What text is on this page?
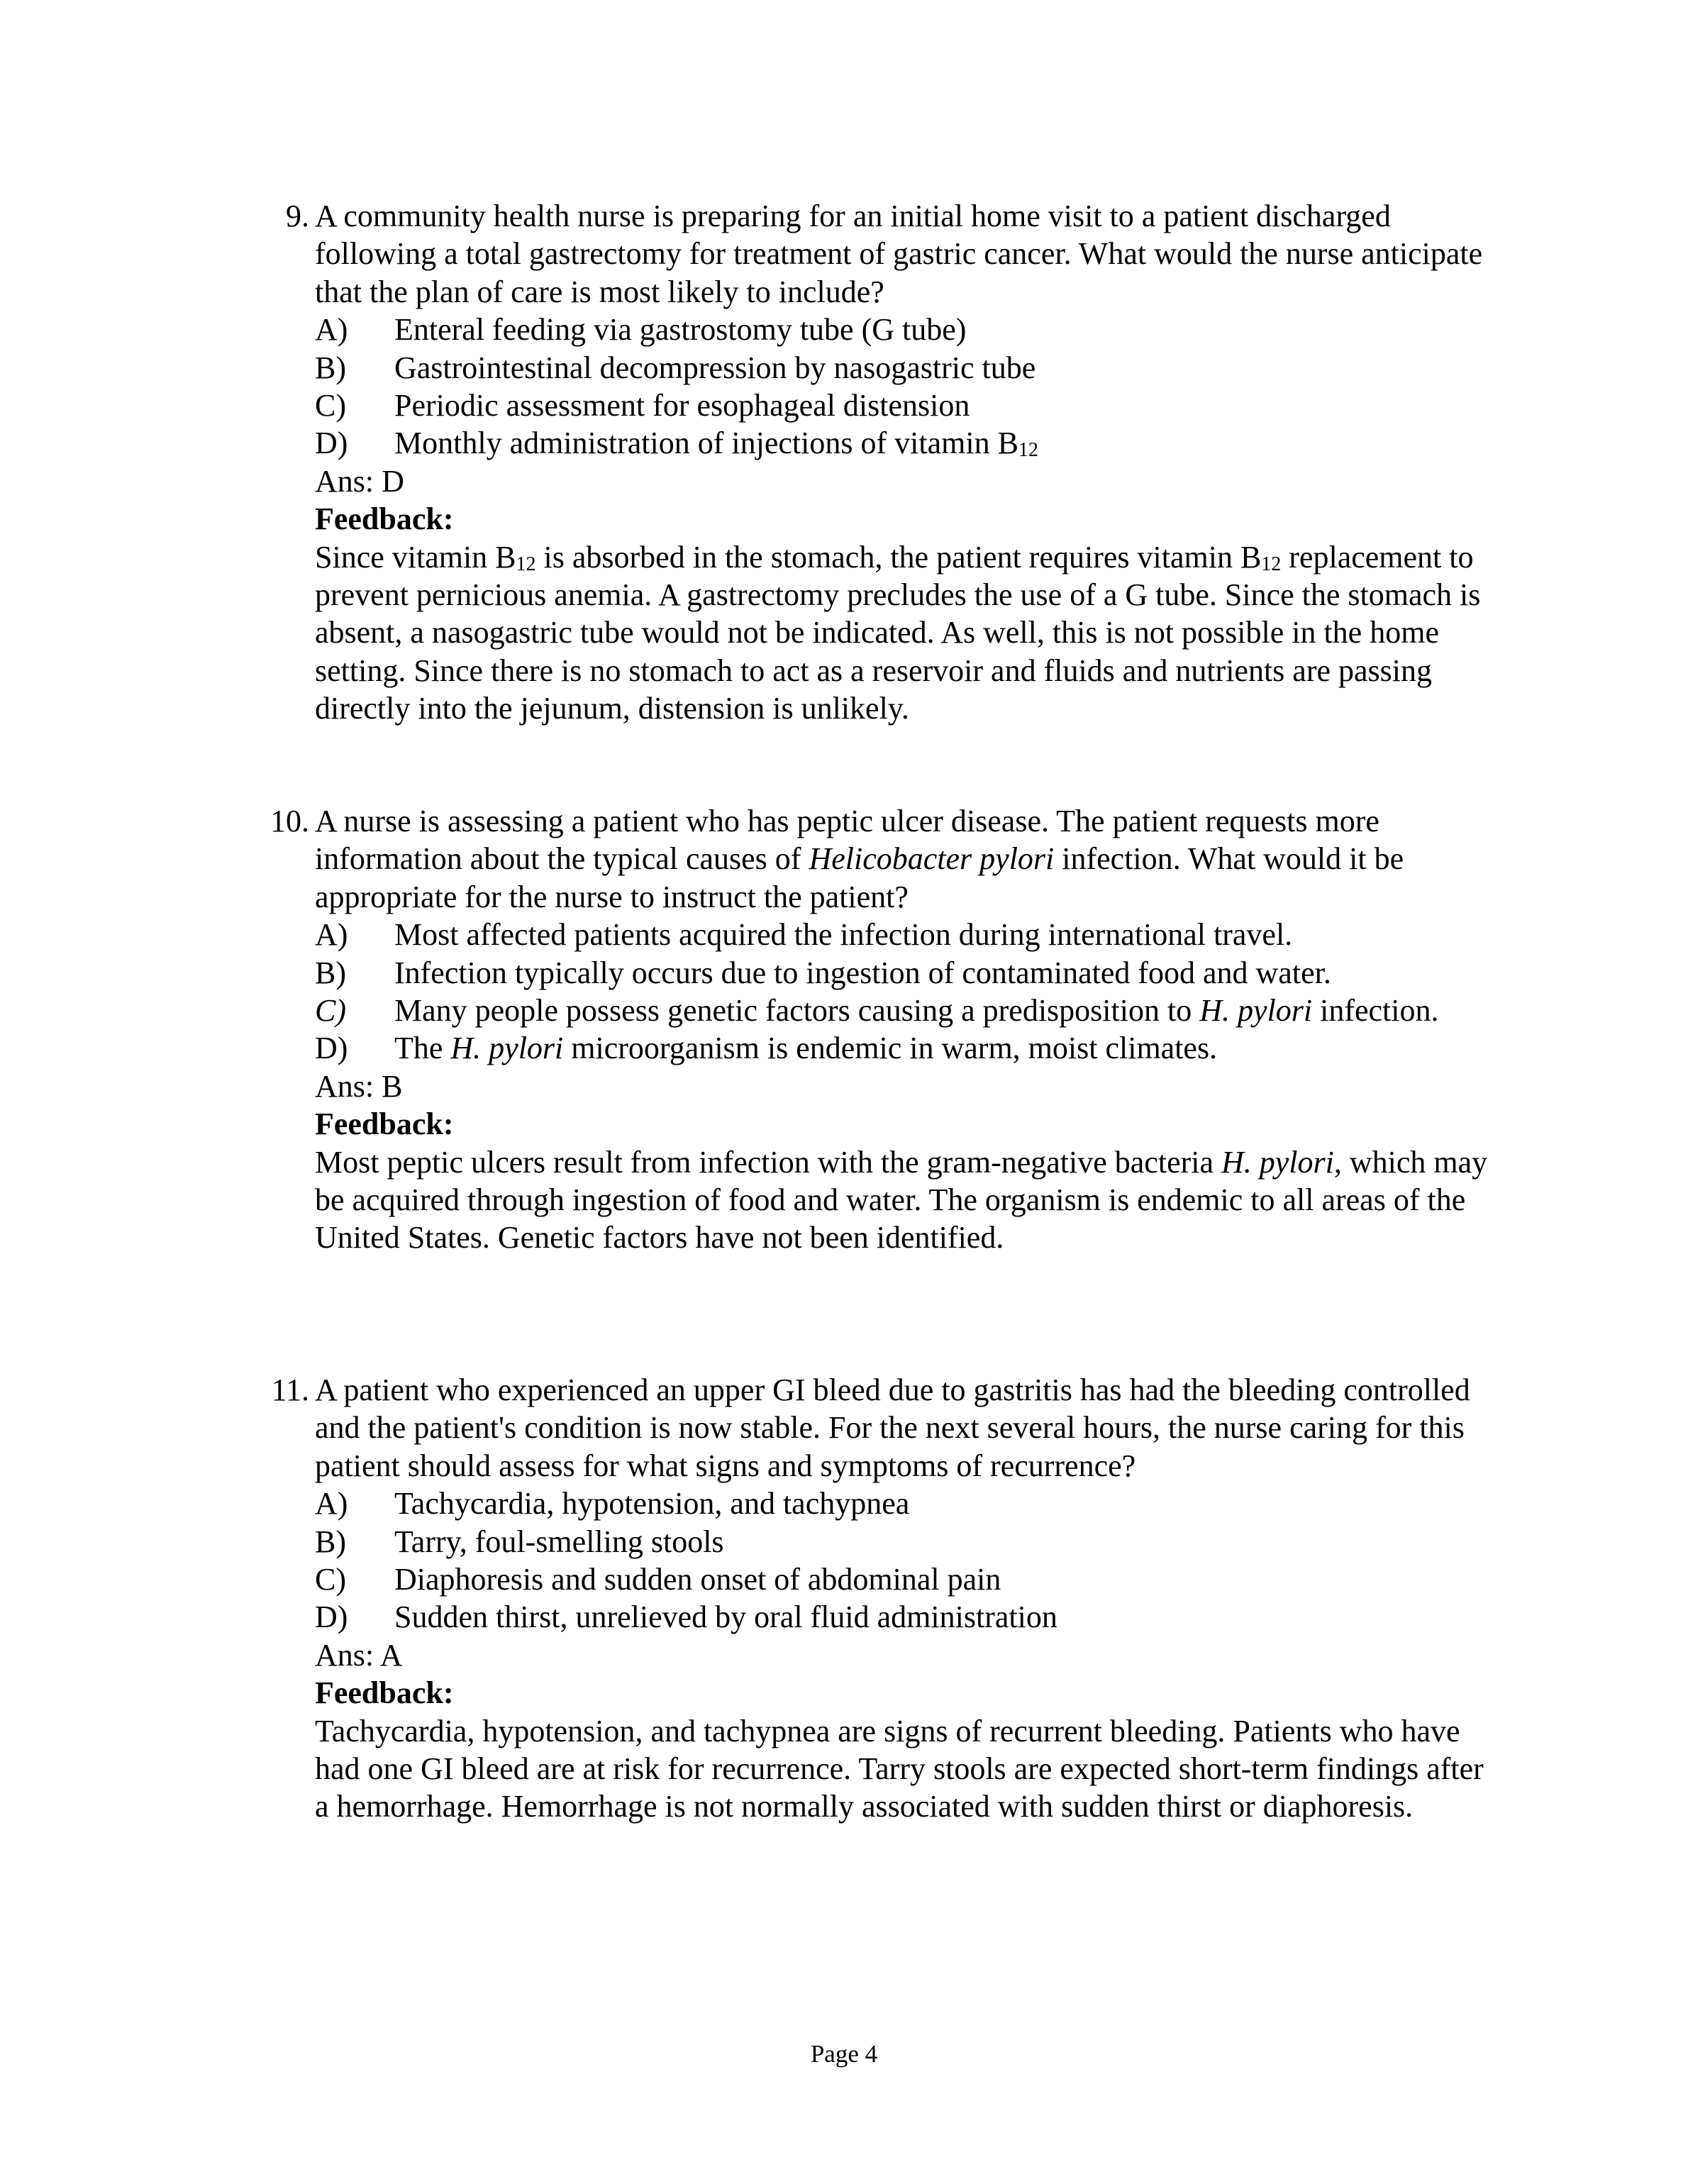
9. A community health nurse is preparing for an initial home visit to a patient discharged following a total gastrectomy for treatment of gastric cancer. What would the nurse anticipate that the plan of care is most likely to include?
A) Enteral feeding via gastrostomy tube (G tube)
B) Gastrointestinal decompression by nasogastric tube
C) Periodic assessment for esophageal distension
D) Monthly administration of injections of vitamin B12
Ans: D
Feedback:
Since vitamin B12 is absorbed in the stomach, the patient requires vitamin B12 replacement to prevent pernicious anemia. A gastrectomy precludes the use of a G tube. Since the stomach is absent, a nasogastric tube would not be indicated. As well, this is not possible in the home setting. Since there is no stomach to act as a reservoir and fluids and nutrients are passing directly into the jejunum, distension is unlikely.
10. A nurse is assessing a patient who has peptic ulcer disease. The patient requests more information about the typical causes of Helicobacter pylori infection. What would it be appropriate for the nurse to instruct the patient?
A) Most affected patients acquired the infection during international travel.
B) Infection typically occurs due to ingestion of contaminated food and water.
C) Many people possess genetic factors causing a predisposition to H. pylori infection.
D) The H. pylori microorganism is endemic in warm, moist climates.
Ans: B
Feedback:
Most peptic ulcers result from infection with the gram-negative bacteria H. pylori, which may be acquired through ingestion of food and water. The organism is endemic to all areas of the United States. Genetic factors have not been identified.
11. A patient who experienced an upper GI bleed due to gastritis has had the bleeding controlled and the patient's condition is now stable. For the next several hours, the nurse caring for this patient should assess for what signs and symptoms of recurrence?
A) Tachycardia, hypotension, and tachypnea
B) Tarry, foul-smelling stools
C) Diaphoresis and sudden onset of abdominal pain
D) Sudden thirst, unrelieved by oral fluid administration
Ans: A
Feedback:
Tachycardia, hypotension, and tachypnea are signs of recurrent bleeding. Patients who have had one GI bleed are at risk for recurrence. Tarry stools are expected short-term findings after a hemorrhage. Hemorrhage is not normally associated with sudden thirst or diaphoresis.
Page 4
